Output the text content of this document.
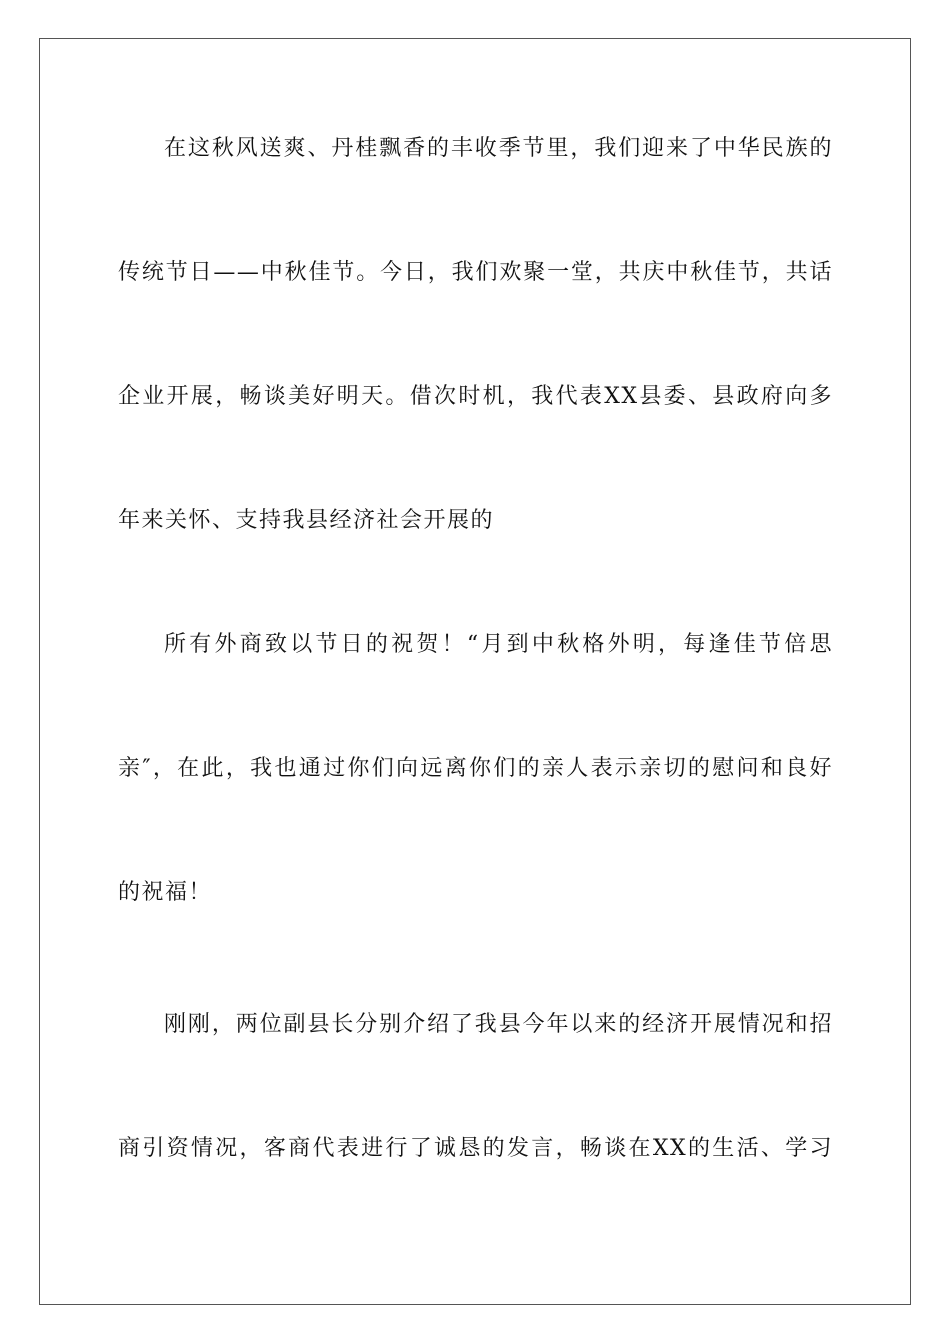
在这秋风送爽、丹桂飘香的丰收季节里，我们迎来了中华民族的
传统节日——中秋佳节。今日，我们欢聚一堂，共庆中秋佳节，共话
企业开展，畅谈美好明天。借次时机，我代表XX县委、县政府向多
年来关怀、支持我县经济社会开展的
所有外商致以节日的祝贺！“月到中秋格外明，每逢佳节倍思
亲″，在此，我也通过你们向远离你们的亲人表示亲切的慰问和良好
的祝福！
刚刚，两位副县长分别介绍了我县今年以来的经济开展情况和招
商引资情况，客商代表进行了诚恳的发言，畅谈在XX的生活、学习
